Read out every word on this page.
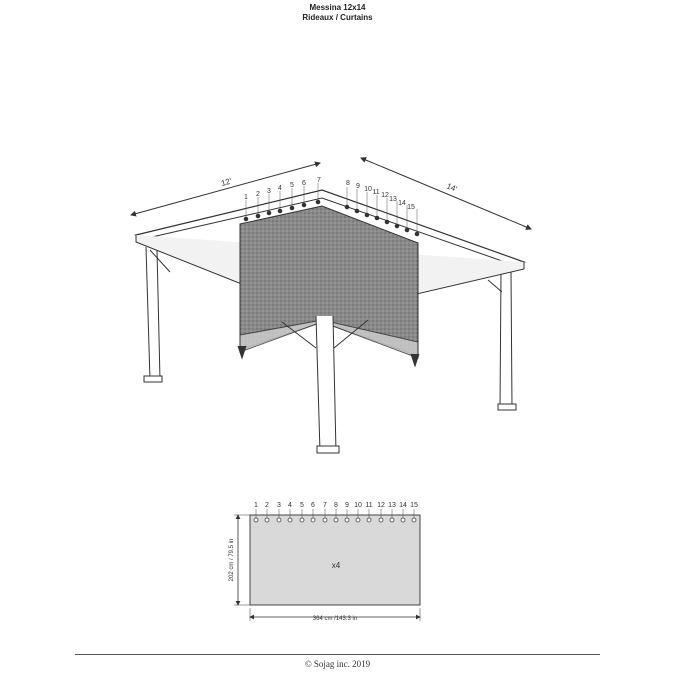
Messina 12x14
Rideaux / Curtains
12'	14'
1 2 3 4 5 6 7	8 9 10 11 12
13
14
15
1 2 3 4 5 6 7 8 9 10 11 12 13 14 15
x4
202 cm / 79.5 in
364 cm /143.3 in
© Sojag inc. 2019
